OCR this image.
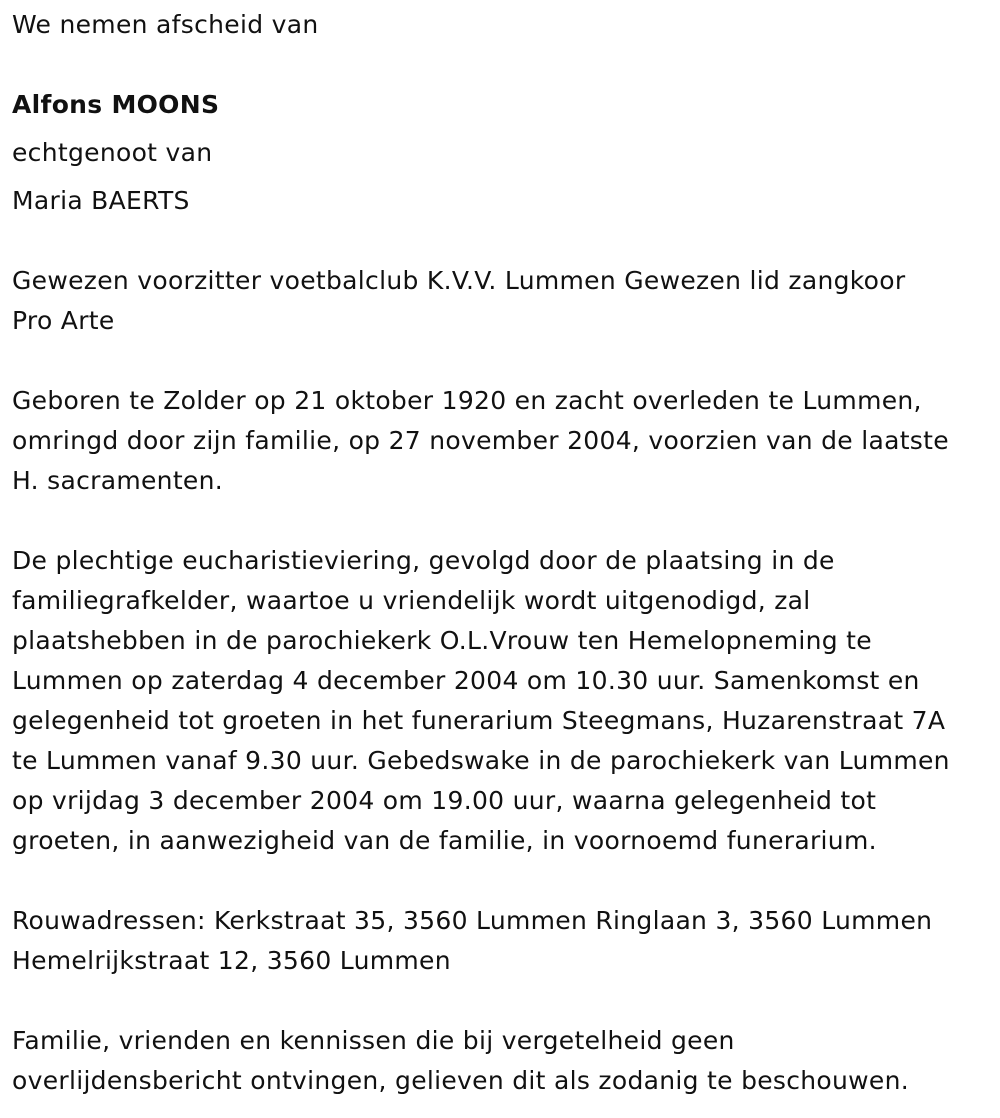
We nemen afscheid van
Alfons MOONS
echtgenoot van
Maria BAERTS
Gewezen voorzitter voetbalclub K.V.V. Lummen Gewezen lid zangkoor
Pro Arte
Geboren te Zolder op 21 oktober 1920 en zacht overleden te Lummen,
omringd door zijn familie, op 27 november 2004, voorzien van de laatste
H. sacramenten.
De plechtige eucharistieviering, gevolgd door de plaatsing in de
familiegrafkelder, waartoe u vriendelijk wordt uitgenodigd, zal
plaatshebben in de parochiekerk O.L.Vrouw ten Hemelopneming te
Lummen op zaterdag 4 december 2004 om 10.30 uur. Samenkomst en
gelegenheid tot groeten in het funerarium Steegmans, Huzarenstraat 7A
te Lummen vanaf 9.30 uur. Gebedswake in de parochiekerk van Lummen
op vrijdag 3 december 2004 om 19.00 uur, waarna gelegenheid tot
groeten, in aanwezigheid van de familie, in voornoemd funerarium.
Rouwadressen: Kerkstraat 35, 3560 Lummen Ringlaan 3, 3560 Lummen
Hemelrijkstraat 12, 3560 Lummen
Familie, vrienden en kennissen die bij vergetelheid geen
overlijdensbericht ontvingen, gelieven dit als zodanig te beschouwen.
